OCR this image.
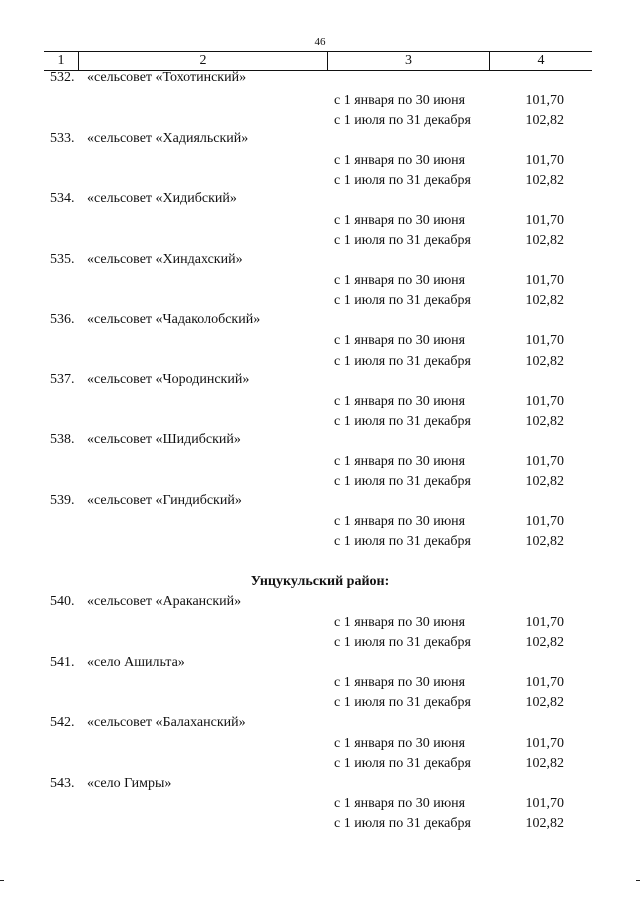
46
1	2	3	4
532. «сельсовет «Тохотинский»
с 1 января по 30 июня	101,70
с 1 июля по 31 декабря	102,82
533. «сельсовет «Хадияльский»
с 1 января по 30 июня	101,70
с 1 июля по 31 декабря	102,82
534. «сельсовет «Хидибский»
с 1 января по 30 июня	101,70
с 1 июля по 31 декабря	102,82
535. «сельсовет «Хиндахский»
с 1 января по 30 июня	101,70
с 1 июля по 31 декабря	102,82
536. «сельсовет «Чадаколобский»
с 1 января по 30 июня	101,70
с 1 июля по 31 декабря	102,82
537. «сельсовет «Чородинский»
с 1 января по 30 июня	101,70
с 1 июля по 31 декабря	102,82
538. «сельсовет «Шидибский»
с 1 января по 30 июня	101,70
с 1 июля по 31 декабря	102,82
539. «сельсовет «Гиндибский»
с 1 января по 30 июня	101,70
с 1 июля по 31 декабря	102,82
Унцукульский район:
540. «сельсовет «Араканский»
с 1 января по 30 июня	101,70
с 1 июля по 31 декабря	102,82
541. «село Ашильта»
с 1 января по 30 июня	101,70
с 1 июля по 31 декабря	102,82
542. «сельсовет «Балаханский»
с 1 января по 30 июня	101,70
с 1 июля по 31 декабря	102,82
543. «село Гимры»
с 1 января по 30 июня	101,70
с 1 июля по 31 декабря	102,82
